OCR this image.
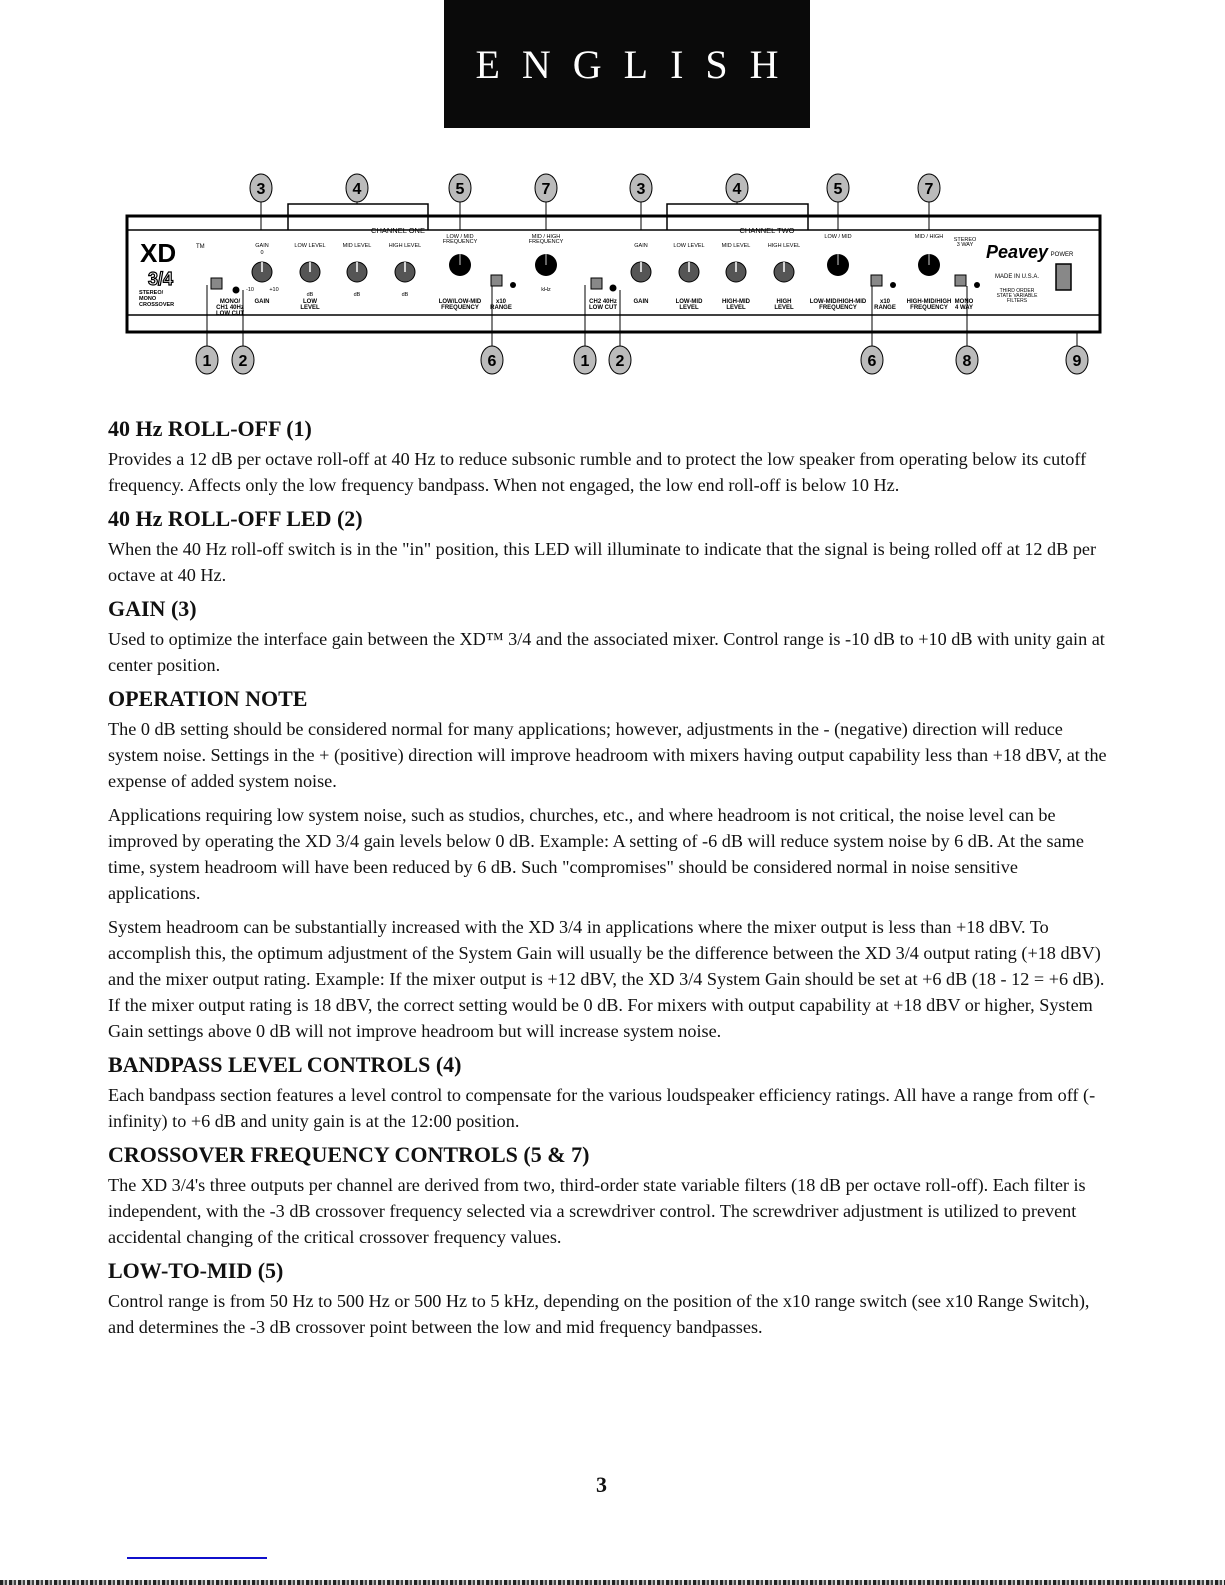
ENGLISH
CHANNEL ONE	CHANNEL TWO
XD	TM
3/4
STEREO/
MONO
CROSSOVER	MONO/
CH1 40Hz
LOW CUT
GAIN
0
-10	+10
GAIN
LOW LEVEL
dB
LOW
LEVEL
MID LEVEL
dB
HIGH LEVEL
dB
LOW / MID
FREQUENCY
LOW/LOW-MID
FREQUENCY
x10
RANGE
MID / HIGH
FREQUENCY
kHz
CH2 40Hz
LOW CUT
GAIN
GAIN
LOW LEVEL
LOW-MID
LEVEL
MID LEVEL
HIGH-MID
LEVEL
HIGH LEVEL
HIGH
LEVEL
LOW / MID
LOW-MID/HIGH-MID
FREQUENCY
x10
RANGE
MID / HIGH
HIGH-MID/HIGH
FREQUENCY
STEREO
3 WAY
MONO
4 WAY
Peavey
MADE IN U.S.A.
THIRD ORDER
STATE VARIABLE
FILTERS
POWER
3	4	5	7	3	4	5	7
1 2	6	1 2	6	8	9
40 Hz ROLL-OFF (1)

Provides a 12 dB per octave roll-off at 40 Hz to reduce subsonic rumble and to protect the low speaker from operating below its cutoff frequency. Affects only the low frequency bandpass. When not engaged, the low end roll-off is below 10 Hz.

40 Hz ROLL-OFF LED (2)

When the 40 Hz roll-off switch is in the "in" position, this LED will illuminate to indicate that the signal is being rolled off at 12 dB per octave at 40 Hz.

GAIN (3)

Used to optimize the interface gain between the XD™ 3/4 and the associated mixer. Control range is -10 dB to +10 dB with unity gain at center position.

OPERATION NOTE

The 0 dB setting should be considered normal for many applications; however, adjustments in the - (negative) direction will reduce system noise. Settings in the + (positive) direction will improve headroom with mixers having output capability less than +18 dBV, at the expense of added system noise.

Applications requiring low system noise, such as studios, churches, etc., and where headroom is not critical, the noise level can be improved by operating the XD 3/4 gain levels below 0 dB. Example: A setting of -6 dB will reduce system noise by 6 dB. At the same time, system headroom will have been reduced by 6 dB. Such "compromises" should be considered normal in noise sensitive applications.

System headroom can be substantially increased with the XD 3/4 in applications where the mixer output is less than +18 dBV. To accomplish this, the optimum adjustment of the System Gain will usually be the difference between the XD 3/4 output rating (+18 dBV) and the mixer output rating. Example: If the mixer output is +12 dBV, the XD 3/4 System Gain should be set at +6 dB (18 - 12 = +6 dB). If the mixer output rating is 18 dBV, the correct setting would be 0 dB. For mixers with output capability at +18 dBV or higher, System Gain settings above 0 dB will not improve headroom but will increase system noise.

BANDPASS LEVEL CONTROLS (4)

Each bandpass section features a level control to compensate for the various loudspeaker efficiency ratings. All have a range from off (- infinity) to +6 dB and unity gain is at the 12:00 position.

CROSSOVER FREQUENCY CONTROLS (5 & 7)

The XD 3/4's three outputs per channel are derived from two, third-order state variable filters (18 dB per octave roll-off). Each filter is independent, with the -3 dB crossover frequency selected via a screwdriver control. The screwdriver adjustment is utilized to prevent accidental changing of the critical crossover frequency values.

LOW-TO-MID (5)

Control range is from 50 Hz to 500 Hz or 500 Hz to 5 kHz, depending on the position of the x10 range switch (see x10 Range Switch), and determines the -3 dB crossover point between the low and mid frequency bandpasses.

3
